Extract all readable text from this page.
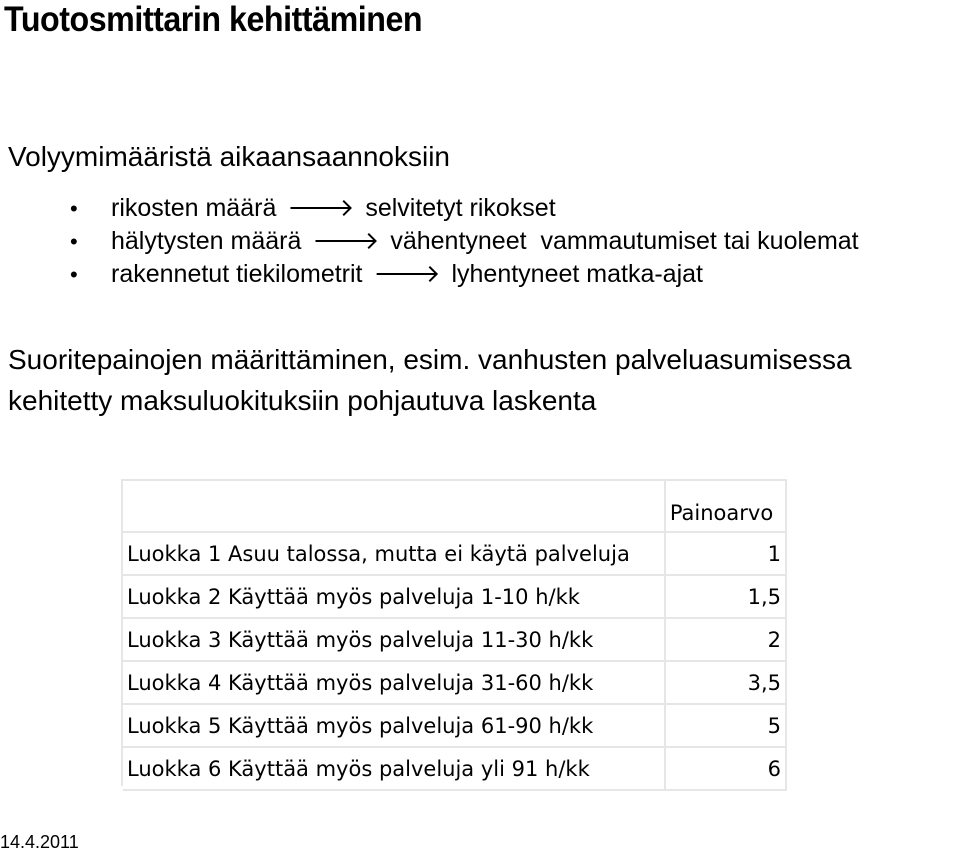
Tuotosmittarin kehittäminen
Volyymimääristä aikaansaannoksiin
• rikosten määrä 🡒 selvitetyt rikokset
• hälytysten määrä 🡒 vähentyneet  vammautumiset tai kuolemat
• rakennetut tiekilometrit 🡒 lyhentyneet matka-ajat
Suoritepainojen määrittäminen, esim. vanhusten palveluasumisessa kehitetty maksuluokituksiin pohjautuva laskenta
	Painoarvo
Luokka 1 Asuu talossa, mutta ei käytä palveluja	1
Luokka 2 Käyttää myös palveluja 1-10 h/kk	1,5
Luokka 3 Käyttää myös palveluja 11-30 h/kk	2
Luokka 4 Käyttää myös palveluja 31-60 h/kk	3,5
Luokka 5 Käyttää myös palveluja 61-90 h/kk	5
Luokka 6 Käyttää myös palveluja yli 91 h/kk	6
14.4.2011
